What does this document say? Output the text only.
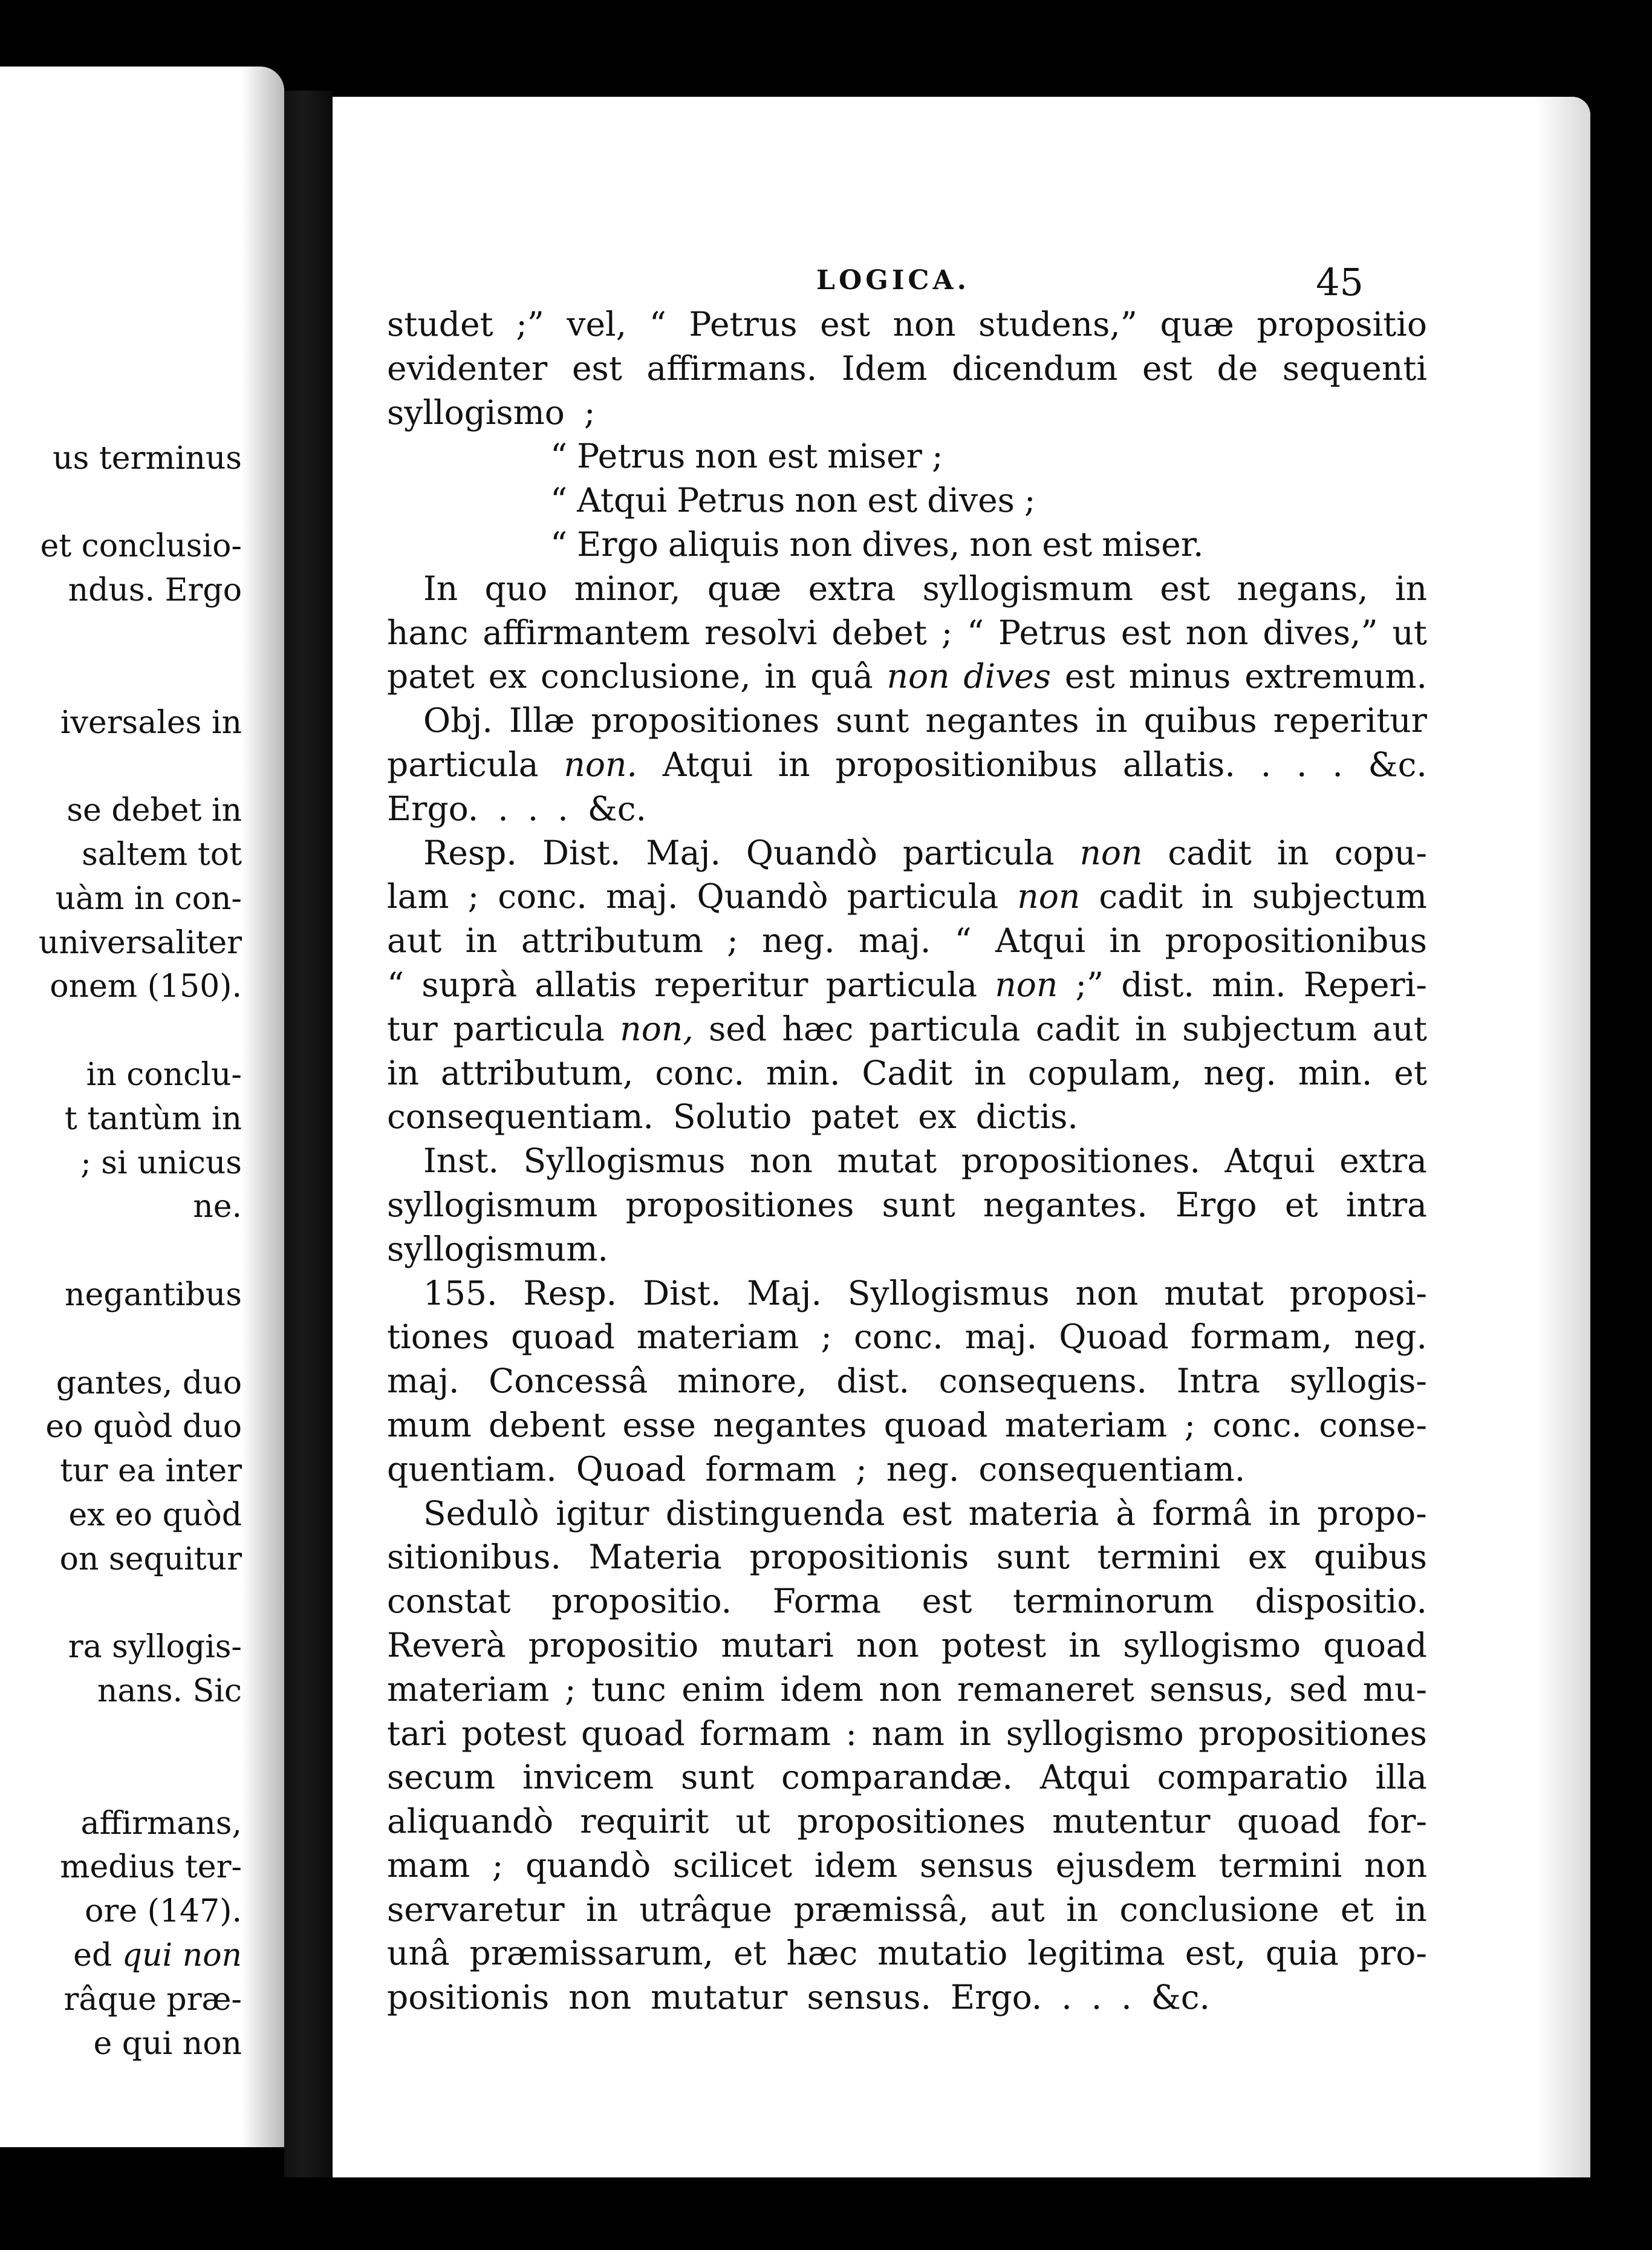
us terminus
et conclusio-
ndus. Ergo
iversales in
se debet in
saltem tot
uàm in con-
universaliter
onem (150).
in conclu-
t tantùm in
; si unicus
ne.
negantibus
gantes, duo
eo quòd duo
tur ea inter
ex eo quòd
on sequitur
ra syllogis-
nans. Sic
affirmans,
medius ter-
ore (147).
ed qui non
râque præ-
e qui non
LOGICA.	45
studet ;” vel, “ Petrus est non studens,” quæ propositio
evidenter est affirmans. Idem dicendum est de sequenti
syllogismo ;
“ Petrus non est miser ;
“ Atqui Petrus non est dives ;
“ Ergo aliquis non dives, non est miser.
In quo minor, quæ extra syllogismum est negans, in
hanc affirmantem resolvi debet ; “ Petrus est non dives,” ut
patet ex conclusione, in quâ non dives est minus extremum.
Obj. Illæ propositiones sunt negantes in quibus reperitur
particula non. Atqui in propositionibus allatis. . . . &c.
Ergo. . . . &c.
Resp. Dist. Maj. Quandò particula non cadit in copu-
lam ; conc. maj. Quandò particula non cadit in subjectum
aut in attributum ; neg. maj. “ Atqui in propositionibus
“ suprà allatis reperitur particula non ;” dist. min. Reperi-
tur particula non, sed hæc particula cadit in subjectum aut
in attributum, conc. min. Cadit in copulam, neg. min. et
consequentiam. Solutio patet ex dictis.
Inst. Syllogismus non mutat propositiones. Atqui extra
syllogismum propositiones sunt negantes. Ergo et intra
syllogismum.
155. Resp. Dist. Maj. Syllogismus non mutat proposi-
tiones quoad materiam ; conc. maj. Quoad formam, neg.
maj. Concessâ minore, dist. consequens. Intra syllogis-
mum debent esse negantes quoad materiam ; conc. conse-
quentiam. Quoad formam ; neg. consequentiam.
Sedulò igitur distinguenda est materia à formâ in propo-
sitionibus. Materia propositionis sunt termini ex quibus
constat propositio. Forma est terminorum dispositio.
Reverà propositio mutari non potest in syllogismo quoad
materiam ; tunc enim idem non remaneret sensus, sed mu-
tari potest quoad formam : nam in syllogismo propositiones
secum invicem sunt comparandæ. Atqui comparatio illa
aliquandò requirit ut propositiones mutentur quoad for-
mam ; quandò scilicet idem sensus ejusdem termini non
servaretur in utrâque præmissâ, aut in conclusione et in
unâ præmissarum, et hæc mutatio legitima est, quia pro-
positionis non mutatur sensus. Ergo. . . . &c.
